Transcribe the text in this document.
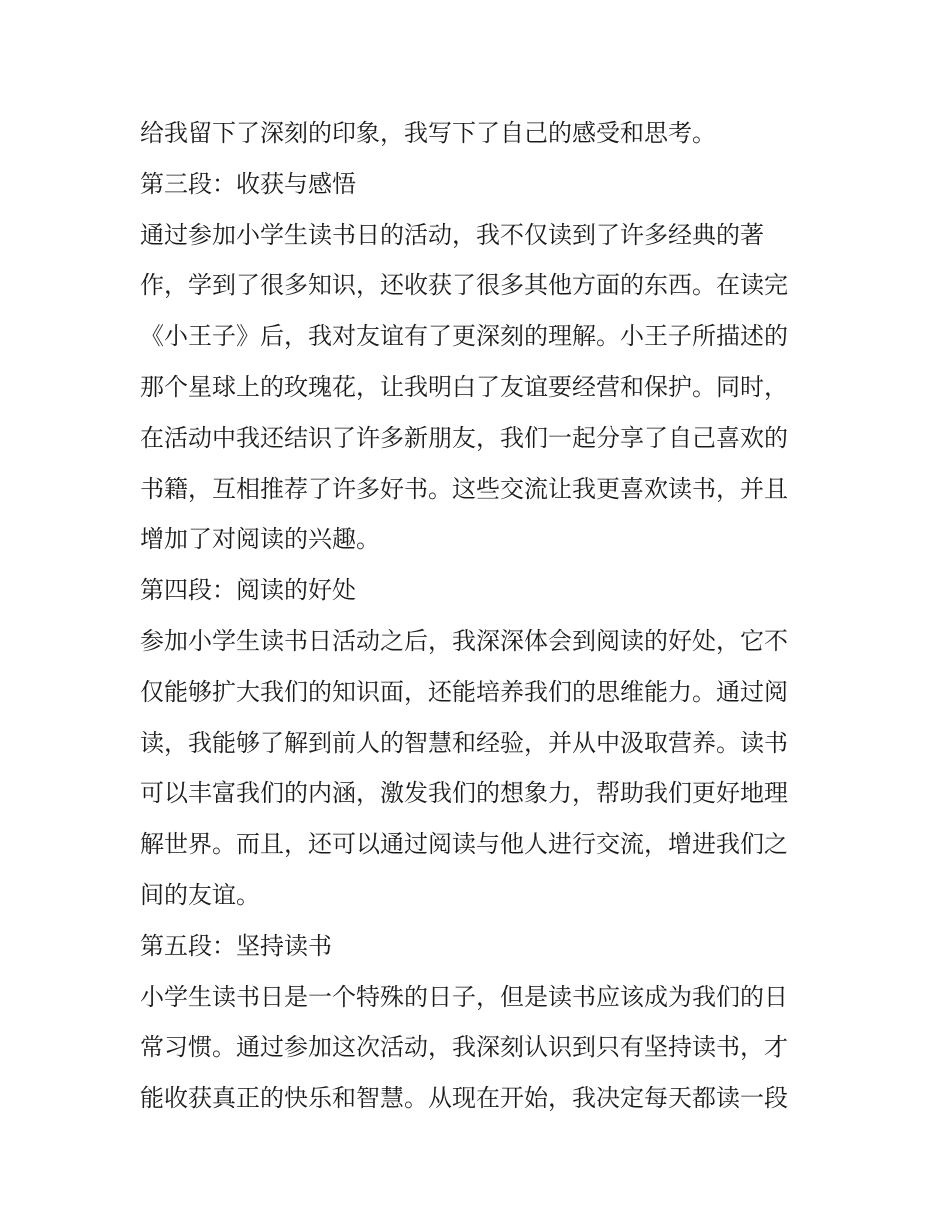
给我留下了深刻的印象，我写下了自己的感受和思考。
第三段：收获与感悟
通过参加小学生读书日的活动，我不仅读到了许多经典的著
作，学到了很多知识，还收获了很多其他方面的东西。在读完
《小王子》后，我对友谊有了更深刻的理解。小王子所描述的
那个星球上的玫瑰花，让我明白了友谊要经营和保护。同时，
在活动中我还结识了许多新朋友，我们一起分享了自己喜欢的
书籍，互相推荐了许多好书。这些交流让我更喜欢读书，并且
增加了对阅读的兴趣。
第四段：阅读的好处
参加小学生读书日活动之后，我深深体会到阅读的好处，它不
仅能够扩大我们的知识面，还能培养我们的思维能力。通过阅
读，我能够了解到前人的智慧和经验，并从中汲取营养。读书
可以丰富我们的内涵，激发我们的想象力，帮助我们更好地理
解世界。而且，还可以通过阅读与他人进行交流，增进我们之
间的友谊。
第五段：坚持读书
小学生读书日是一个特殊的日子，但是读书应该成为我们的日
常习惯。通过参加这次活动，我深刻认识到只有坚持读书，才
能收获真正的快乐和智慧。从现在开始，我决定每天都读一段
